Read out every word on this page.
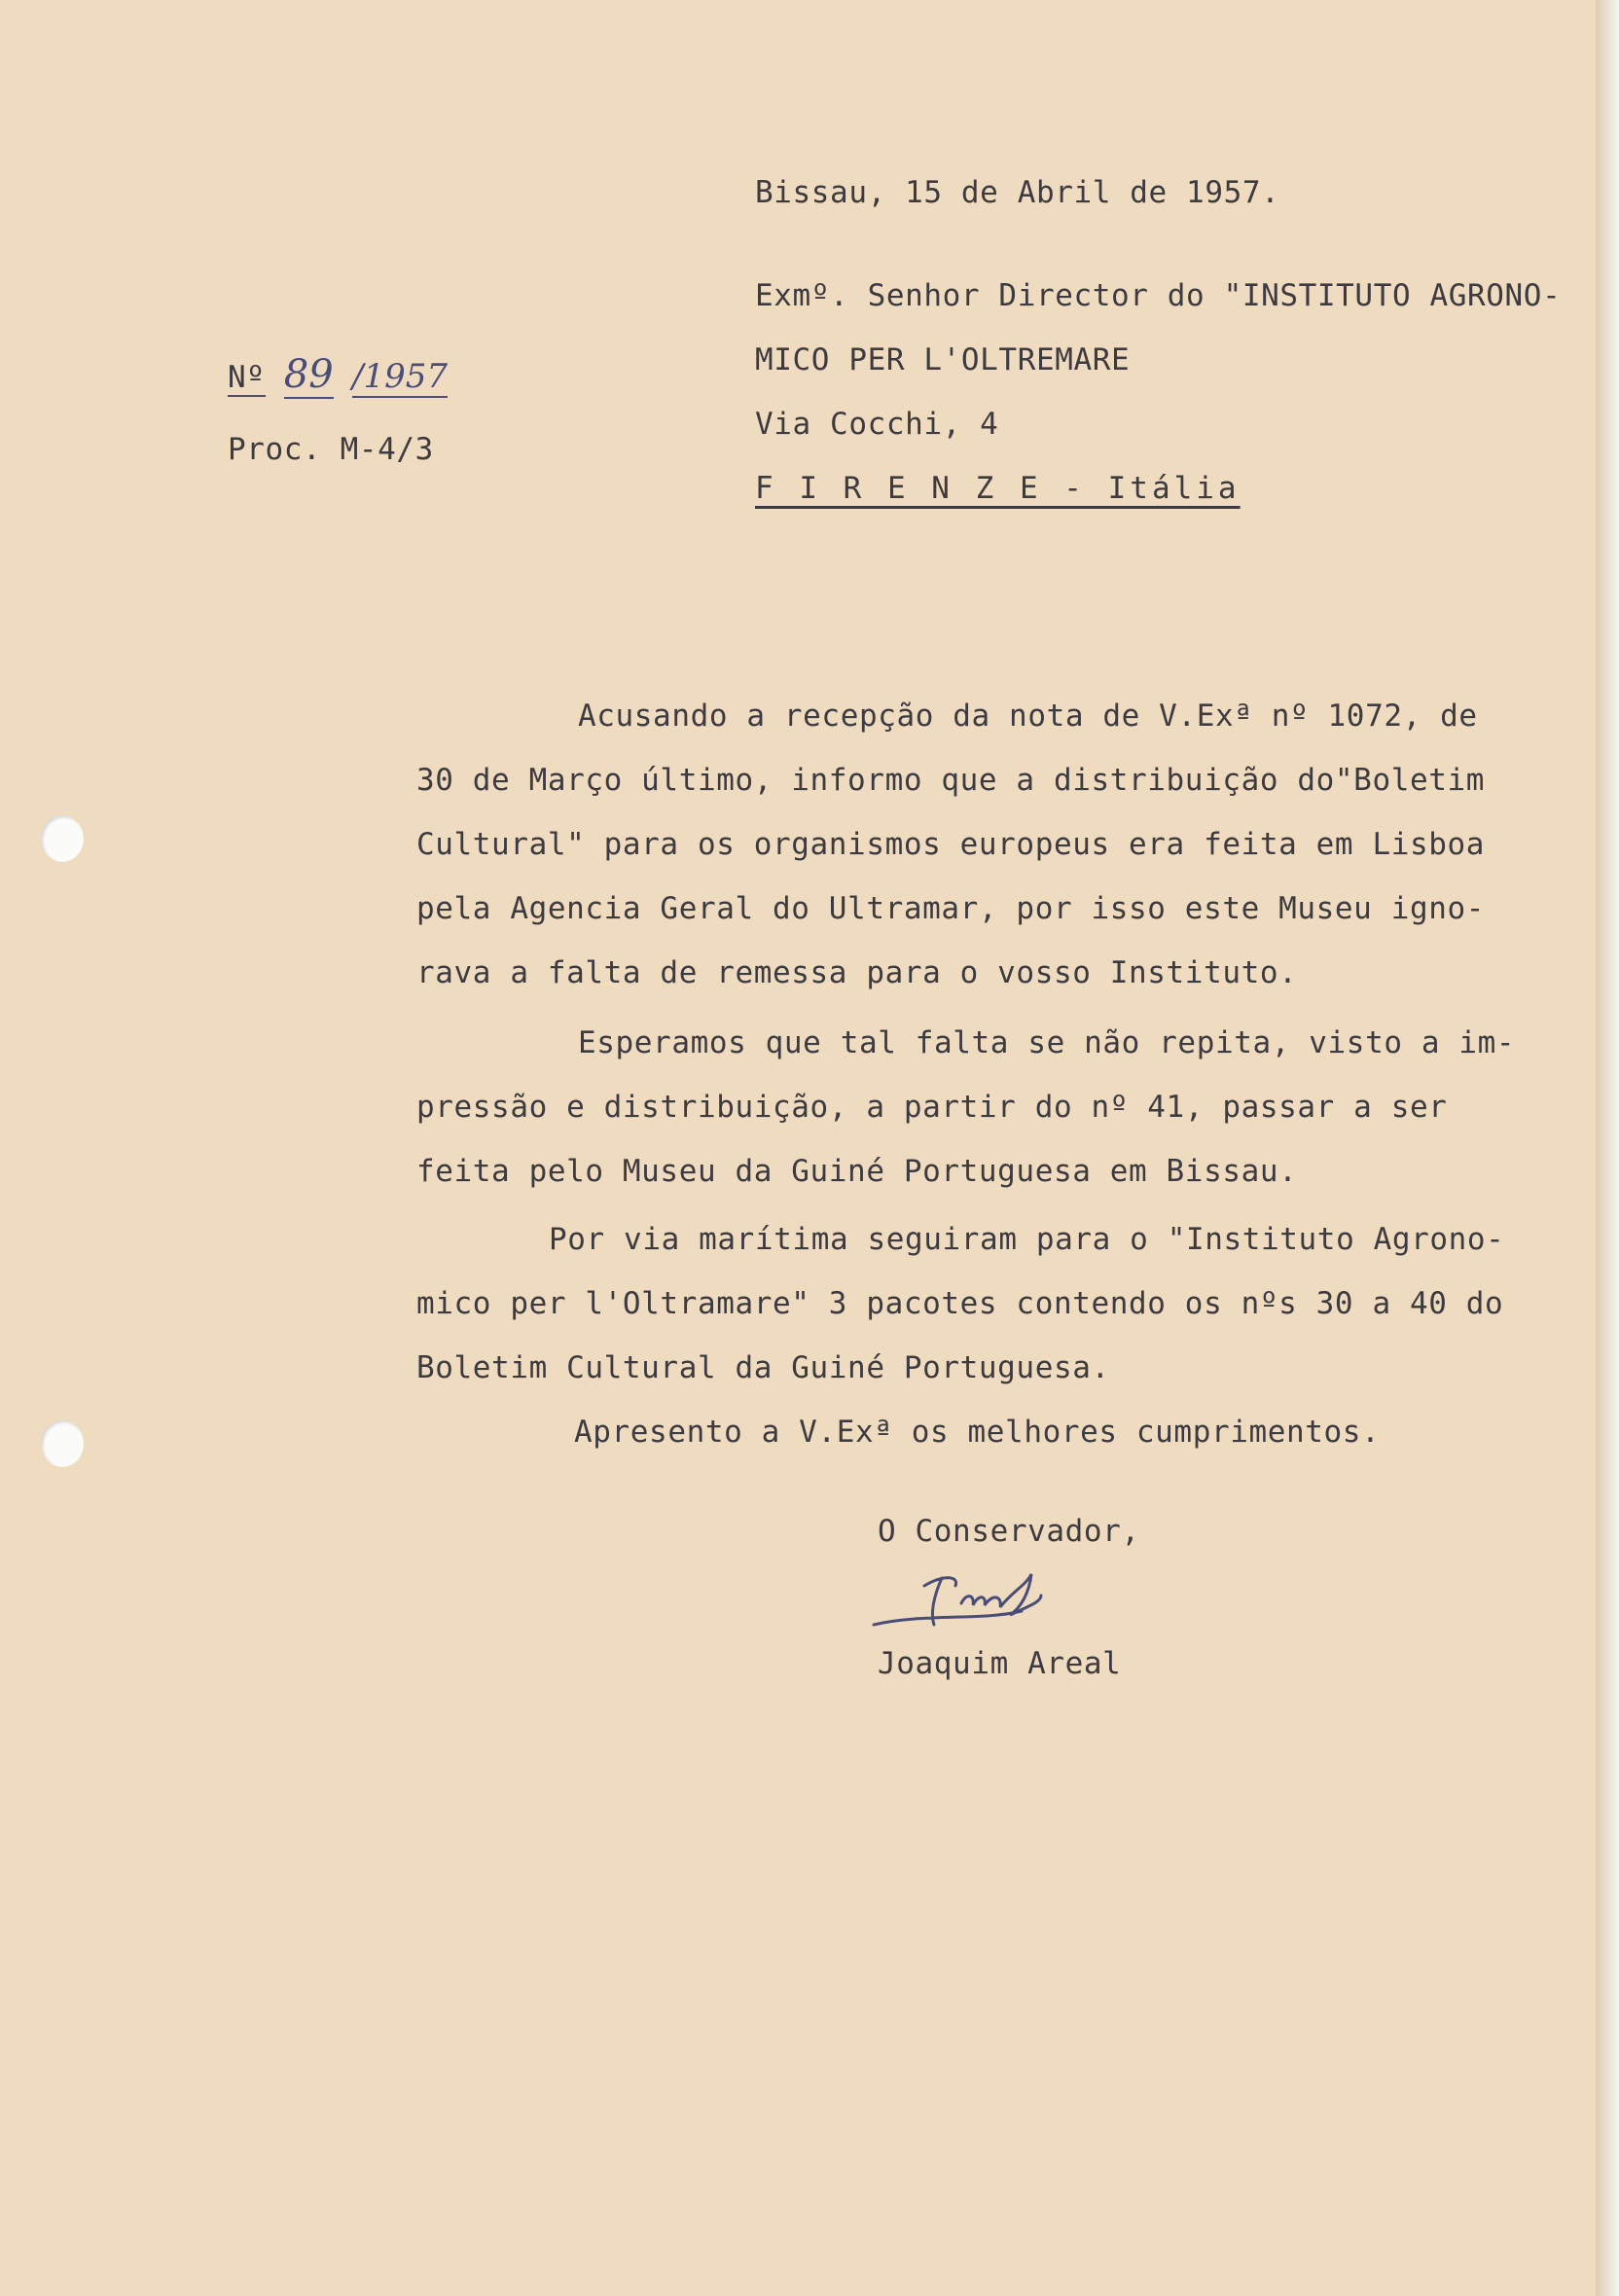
Bissau, 15 de Abril de 1957.
Nº 89 /1957
Proc. M-4/3
Exmº. Senhor Director do "INSTITUTO AGRONO-
MICO PER L'OLTREMARE
Via Cocchi, 4
F I R E N Z E - Itália
Acusando a recepção da nota de V.Exª nº 1072, de
30 de Março último, informo que a distribuição do"Boletim
Cultural" para os organismos europeus era feita em Lisboa
pela Agencia Geral do Ultramar, por isso este Museu igno-
rava a falta de remessa para o vosso Instituto.
Esperamos que tal falta se não repita, visto a im-
pressão e distribuição, a partir do nº 41, passar a ser
feita pelo Museu da Guiné Portuguesa em Bissau.
Por via marítima seguiram para o "Instituto Agrono-
mico per l'Oltramare" 3 pacotes contendo os nºs 30 a 40 do
Boletim Cultural da Guiné Portuguesa.
Apresento a V.Exª os melhores cumprimentos.
O Conservador,
Joaquim Areal
